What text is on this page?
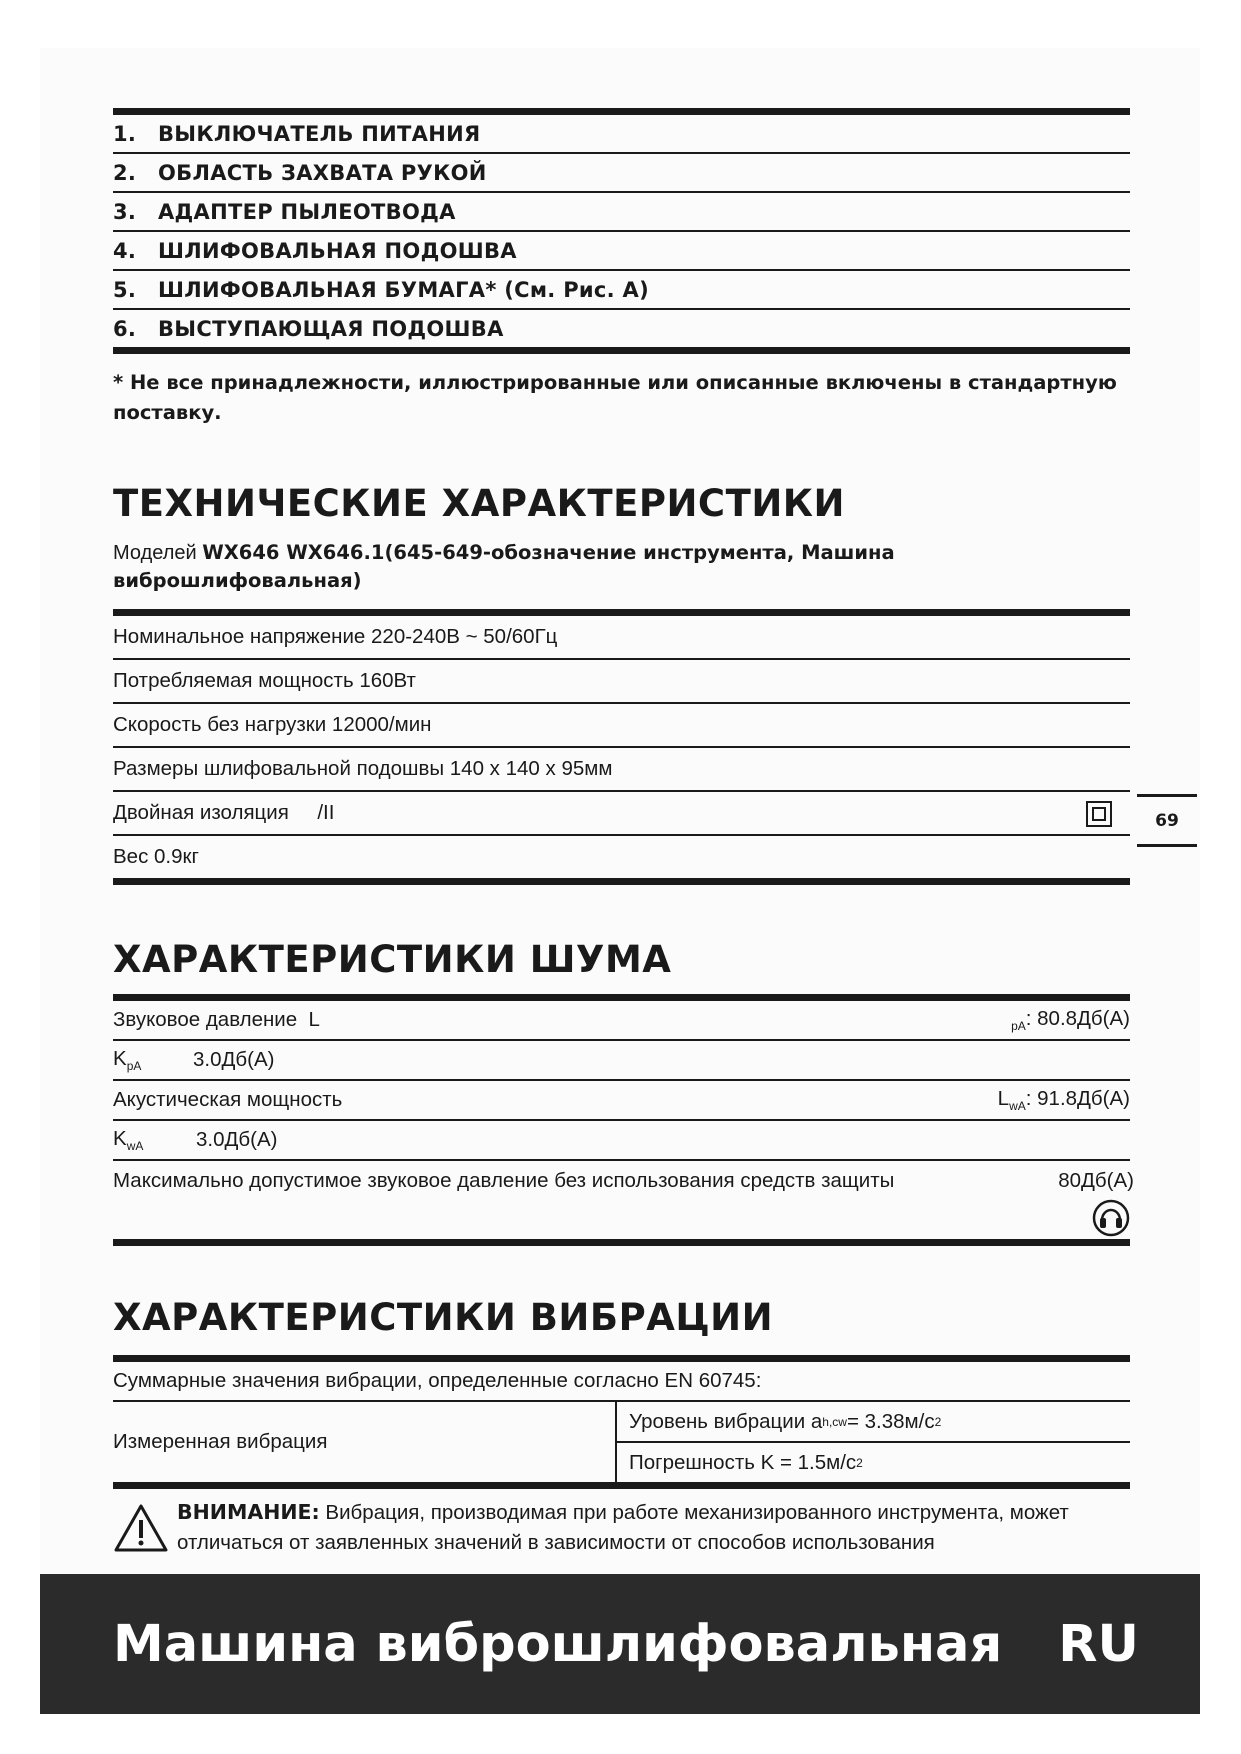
1.	ВЫКЛЮЧАТЕЛЬ ПИТАНИЯ
2.	ОБЛАСТЬ ЗАХВАТА РУКОЙ
3.	АДАПТЕР ПЫЛЕОТВОДА
4.	ШЛИФОВАЛЬНАЯ ПОДОШВА
5.	ШЛИФОВАЛЬНАЯ БУМАГА* (См. Рис. A)
6.	ВЫСТУПАЮЩАЯ ПОДОШВА
* Не все принадлежности, иллюстрированные или описанные включены в стандартную поставку.
ТЕХНИЧЕСКИЕ ХАРАКТЕРИСТИКИ
Моделей WX646 WX646.1(645-649-обозначение инструмента, Машина виброшлифовальная)
Номинальное напряжение 220-240В ~ 50/60Гц
Потребляемая мощность 160Вт
Скорость без нагрузки 12000/мин
Размеры шлифовальной подошвы 140 x 140 x 95мм
Двойная изоляция     /II
Вес 0.9кг
69
ХАРАКТЕРИСТИКИ ШУМА
Звуковое давление  L	$_{pA}$: 80.8Дб(A)
$K_{pA}$	3.0Дб(A)
Акустическая мощность	$L_{wA}$: 91.8Дб(A)
$K_{wA}$	3.0Дб(A)
Максимально допустимое звуковое давление без использования средств защиты	80Дб(A)
ХАРАКТЕРИСТИКИ ВИБРАЦИИ
Суммарные значения вибрации, определенные согласно EN 60745:
Измеренная вибрация
Уровень вибрации a h,cw = 3.38м/с 2
Погрешность K = 1.5м/с 2
ВНИМАНИЕ: Вибрация, производимая при работе механизированного инструмента, может отличаться от заявленных значений в зависимости от способов использования
Машина виброшлифовальная RU
